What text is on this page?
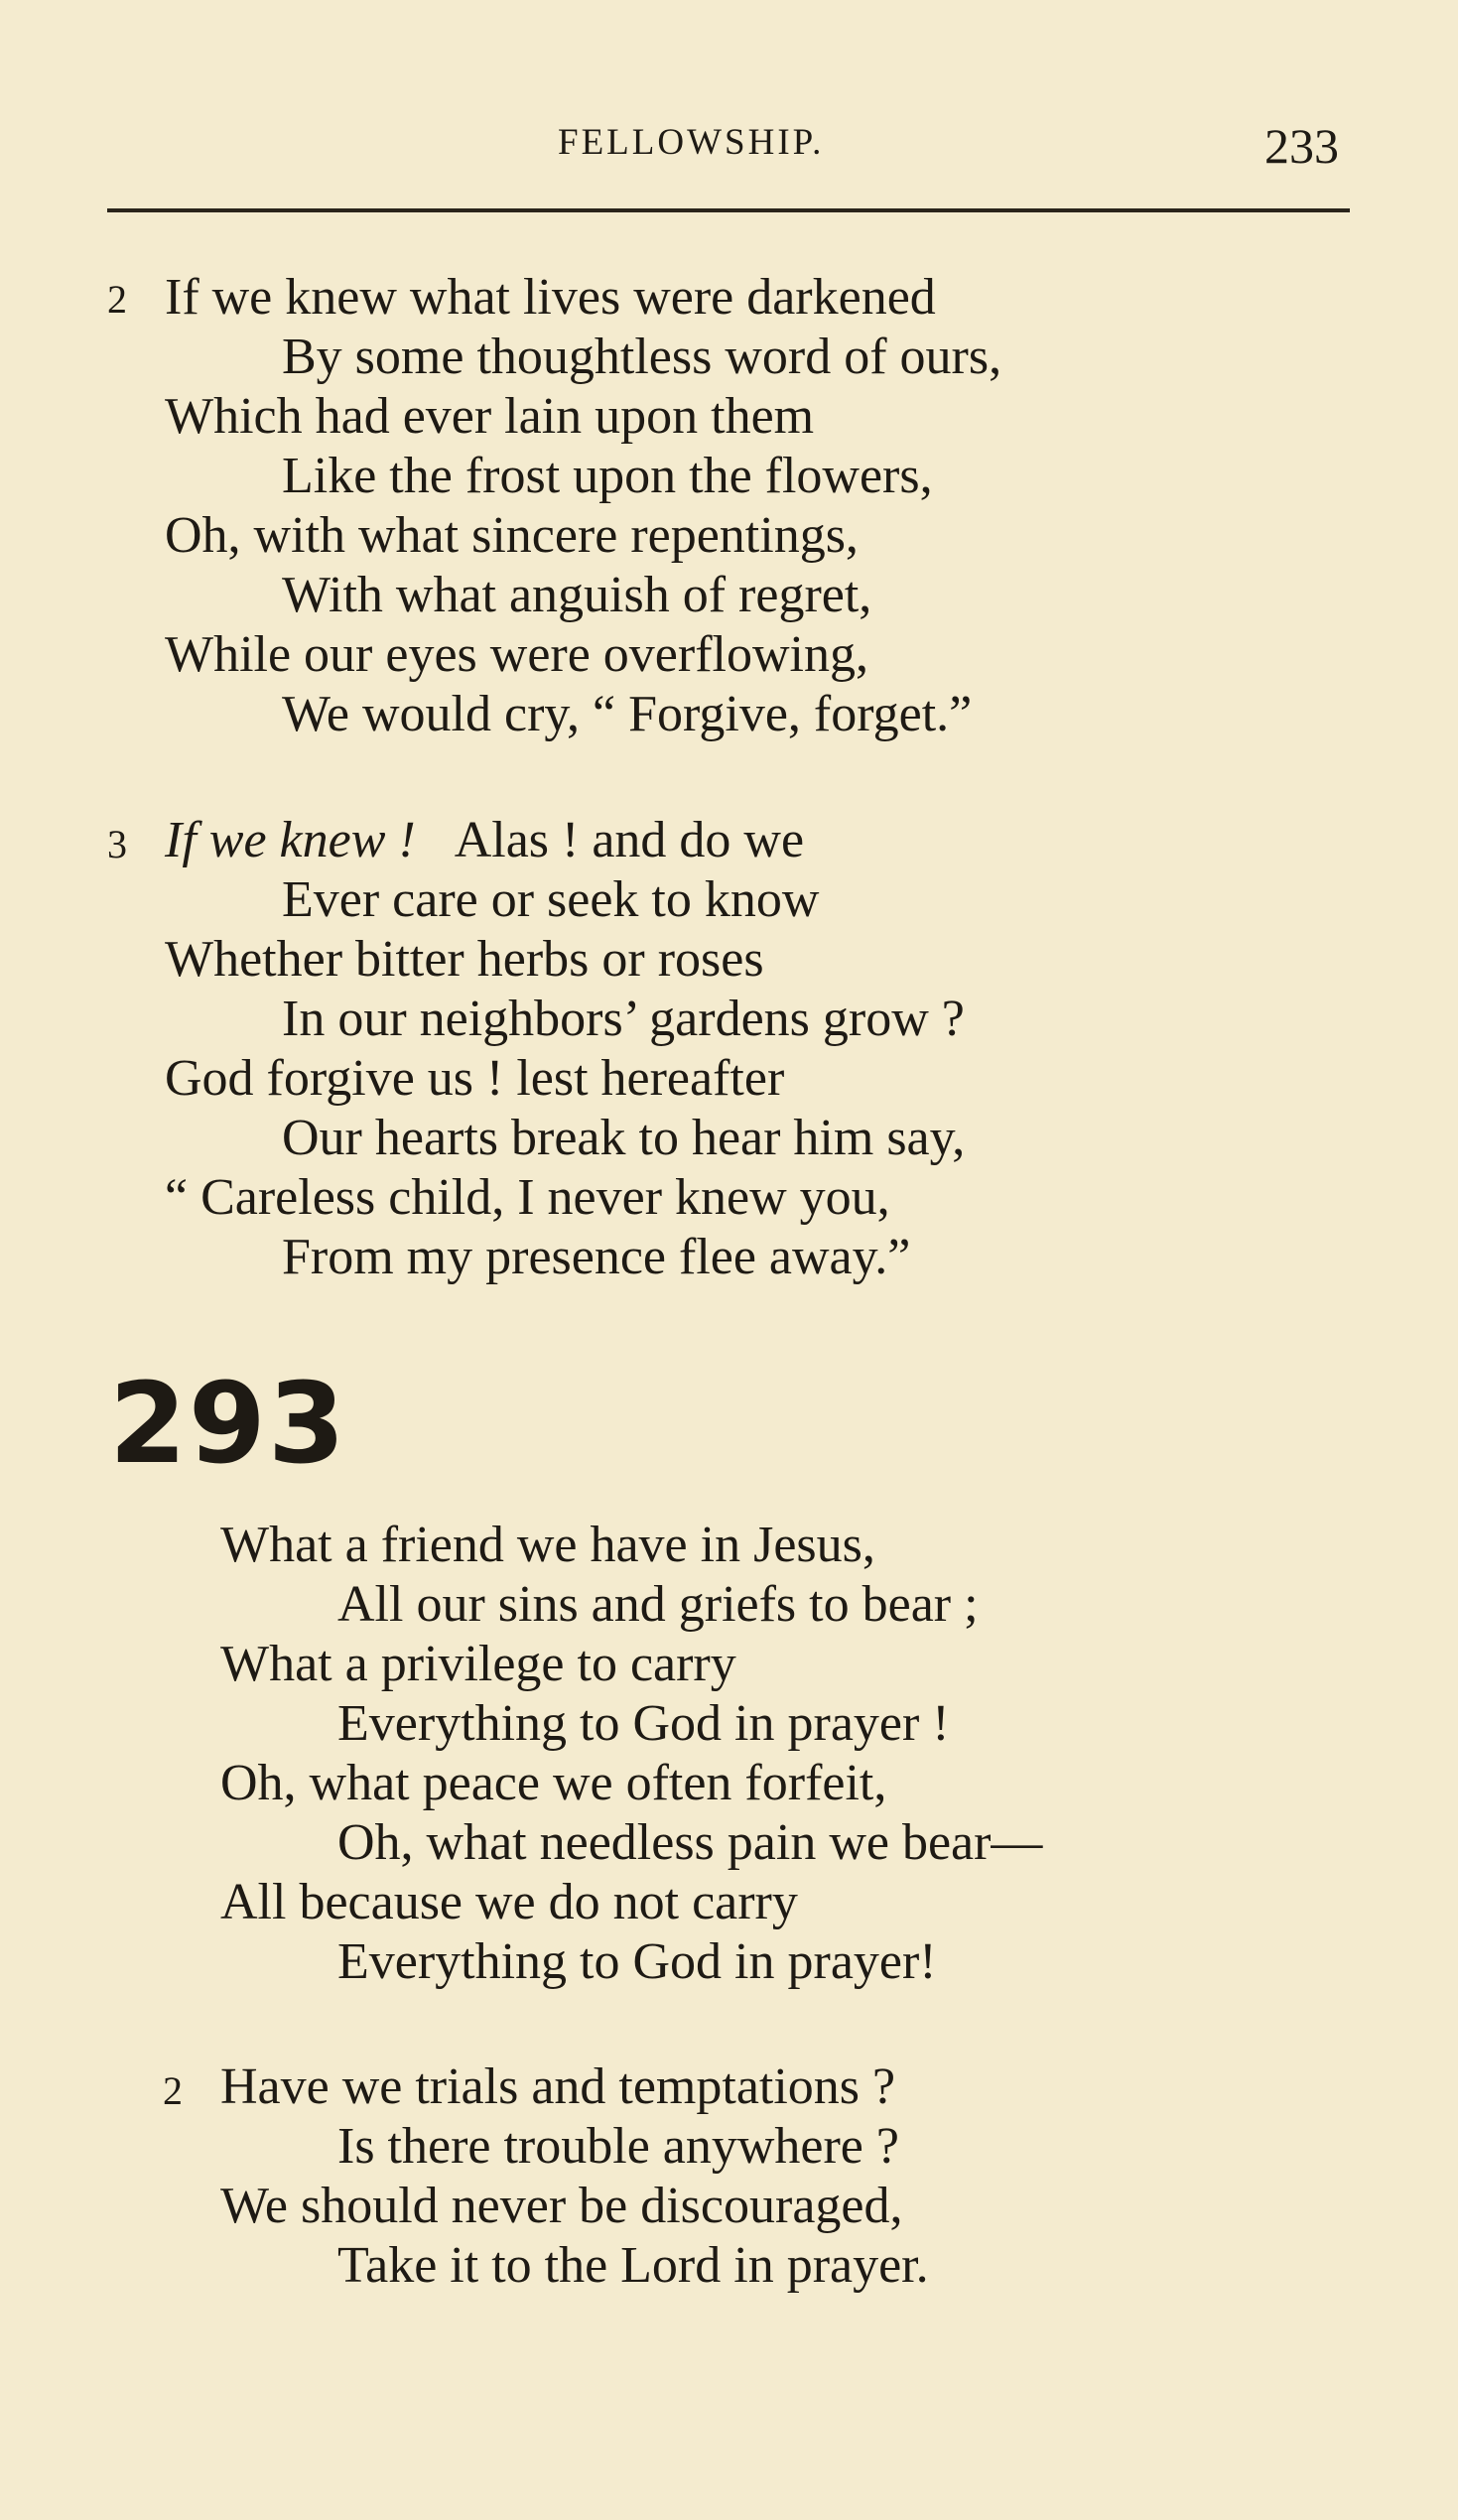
FELLOWSHIP.	233
2 If we knew what lives were darkened
By some thoughtless word of ours,
Which had ever lain upon them
Like the frost upon the flowers,
Oh, with what sincere repentings,
With what anguish of regret,
While our eyes were overflowing,
We would cry, “ Forgive, forget.”
3 If we knew ! Alas ! and do we
Ever care or seek to know
Whether bitter herbs or roses
In our neighbors’ gardens grow ?
God forgive us ! lest hereafter
Our hearts break to hear him say,
“ Careless child, I never knew you,
From my presence flee away.”
293
What a friend we have in Jesus,
All our sins and griefs to bear ;
What a privilege to carry
Everything to God in prayer !
Oh, what peace we often forfeit,
Oh, what needless pain we bear—
All because we do not carry
Everything to God in prayer!
2 Have we trials and temptations ?
Is there trouble anywhere ?
We should never be discouraged,
Take it to the Lord in prayer.
